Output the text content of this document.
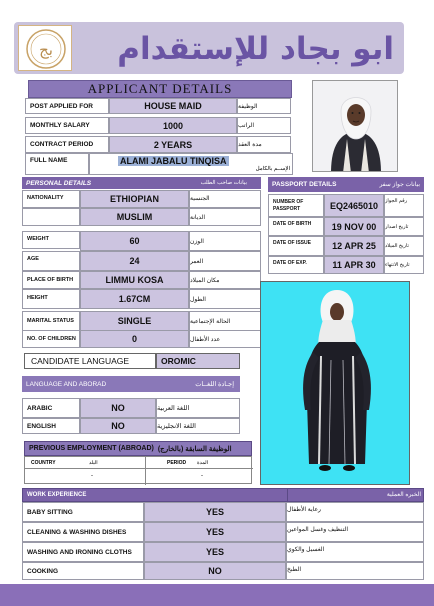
بج	ابو بجاد للإستقدام
APPLICANT DETAILS
POST APPLIED FOR	HOUSE MAID	الوظيفة
MONTHLY SALARY	1000	الراتب
CONTRACT PERIOD	2 YEARS	مدة العقد
FULL NAME	ALAMI JABALU TINQISA
الإســم بالكامل
PERSONAL DETAILS	بيانات صاحب الطلب
NATIONALITY	ETHIOPIAN	الجنسية
MUSLIM	الديانة
WEIGHT	60	الوزن
AGE	24	العمر
PLACE OF BIRTH	LIMMU KOSA	مكان الميلاد
HEIGHT	1.67CM	الطول
MARITAL STATUS	SINGLE	الحالة الإجتماعية
NO. OF CHILDREN	0	عدد الأطفال
PASSPORT DETAILS	بيانات جواز سفر
NUMBER OF PASSPORT	EQ2465010	رقم الجواز
DATE OF BIRTH	19 NOV 00	تاريخ اصدار
DATE OF ISSUE	12 APR 25	تاريخ الميلاد
DATE OF EXP.	11 APR 30	تاريخ الانتهاء
CANDIDATE LANGUAGE	OROMIC
LANGUAGE AND ABORAD	إجـادة اللغــات
ARABIC	NO	اللغة العربية
ENGLISH	NO	اللغة الانجليزية
PREVIOUS EMPLOYMENT (ABROAD) الوظيفة السابقة (بالخارج)
COUNTRY	البلد	PERIOD المدة
-	-
WORK EXPERIENCE	الخبره العملية
BABY SITTING	YES	رعاية الأطفال
CLEANING & WASHING DISHES	YES	التنظيف وغسل المواعين
WASHING AND IRONING CLOTHS	YES	الغسيل والكوي
COOKING	NO	الطبخ
